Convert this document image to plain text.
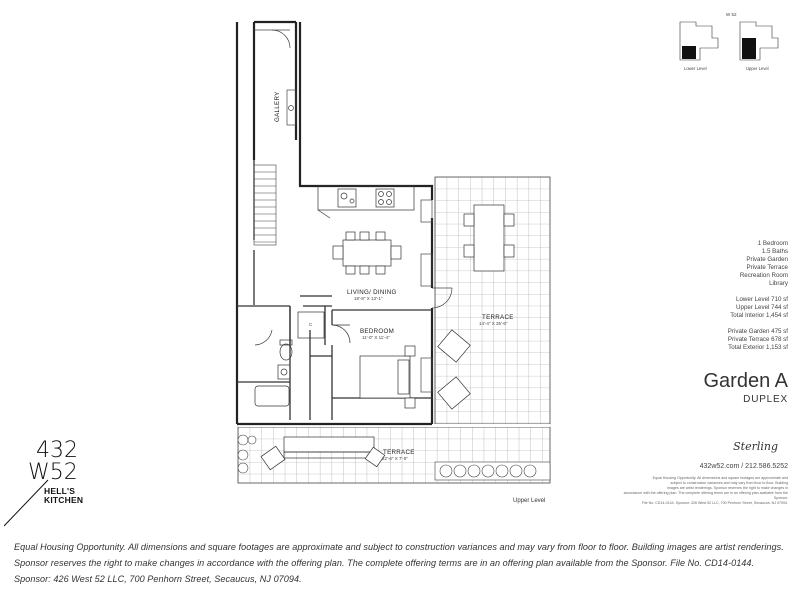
GALLERY
LIVING/ DINING
18'-8" X 13'-1"
BEDROOM
11'-0" X 11'-4"
TERRACE
14'-4" X 35'-6"
TERRACE
22'-6" X 7'-5"
C
Upper Level
W 52
Lower Level	Upper Level
1 Bedroom
1.5 Baths
Private Garden
Private Terrace
Recreation Room
Library
Lower Level 710 sf
Upper Level 744 sf
Total Interior 1,454 sf
Private Garden 475 sf
Private Terrace 678 sf
Total Exterior 1,153 sf
Garden A
DUPLEX
Sterling
432w52.com / 212.586.5252
Equal Housing Opportunity. All dimensions and square footages are approximate and
subject to construction variances and may vary from floor to floor. Building
images are artist renderings. Sponsor reserves the right to make changes in
accordance with the offering plan. The complete offering terms are in an offering plan available from the Sponsor.
File No. CD14-0144. Sponsor: 426 West 52 LLC, 700 Penhorn Street, Secaucus, NJ 07094.
432
W52
HELL'S
KITCHEN
Equal Housing Opportunity. All dimensions and square footages are approximate and subject to construction variances and may vary from floor to floor. Building images are artist renderings. Sponsor reserves the right to make changes in accordance with the offering plan. The complete offering terms are in an offering plan available from the Sponsor. File No. CD14-0144. Sponsor: 426 West 52 LLC, 700 Penhorn Street, Secaucus, NJ 07094.
